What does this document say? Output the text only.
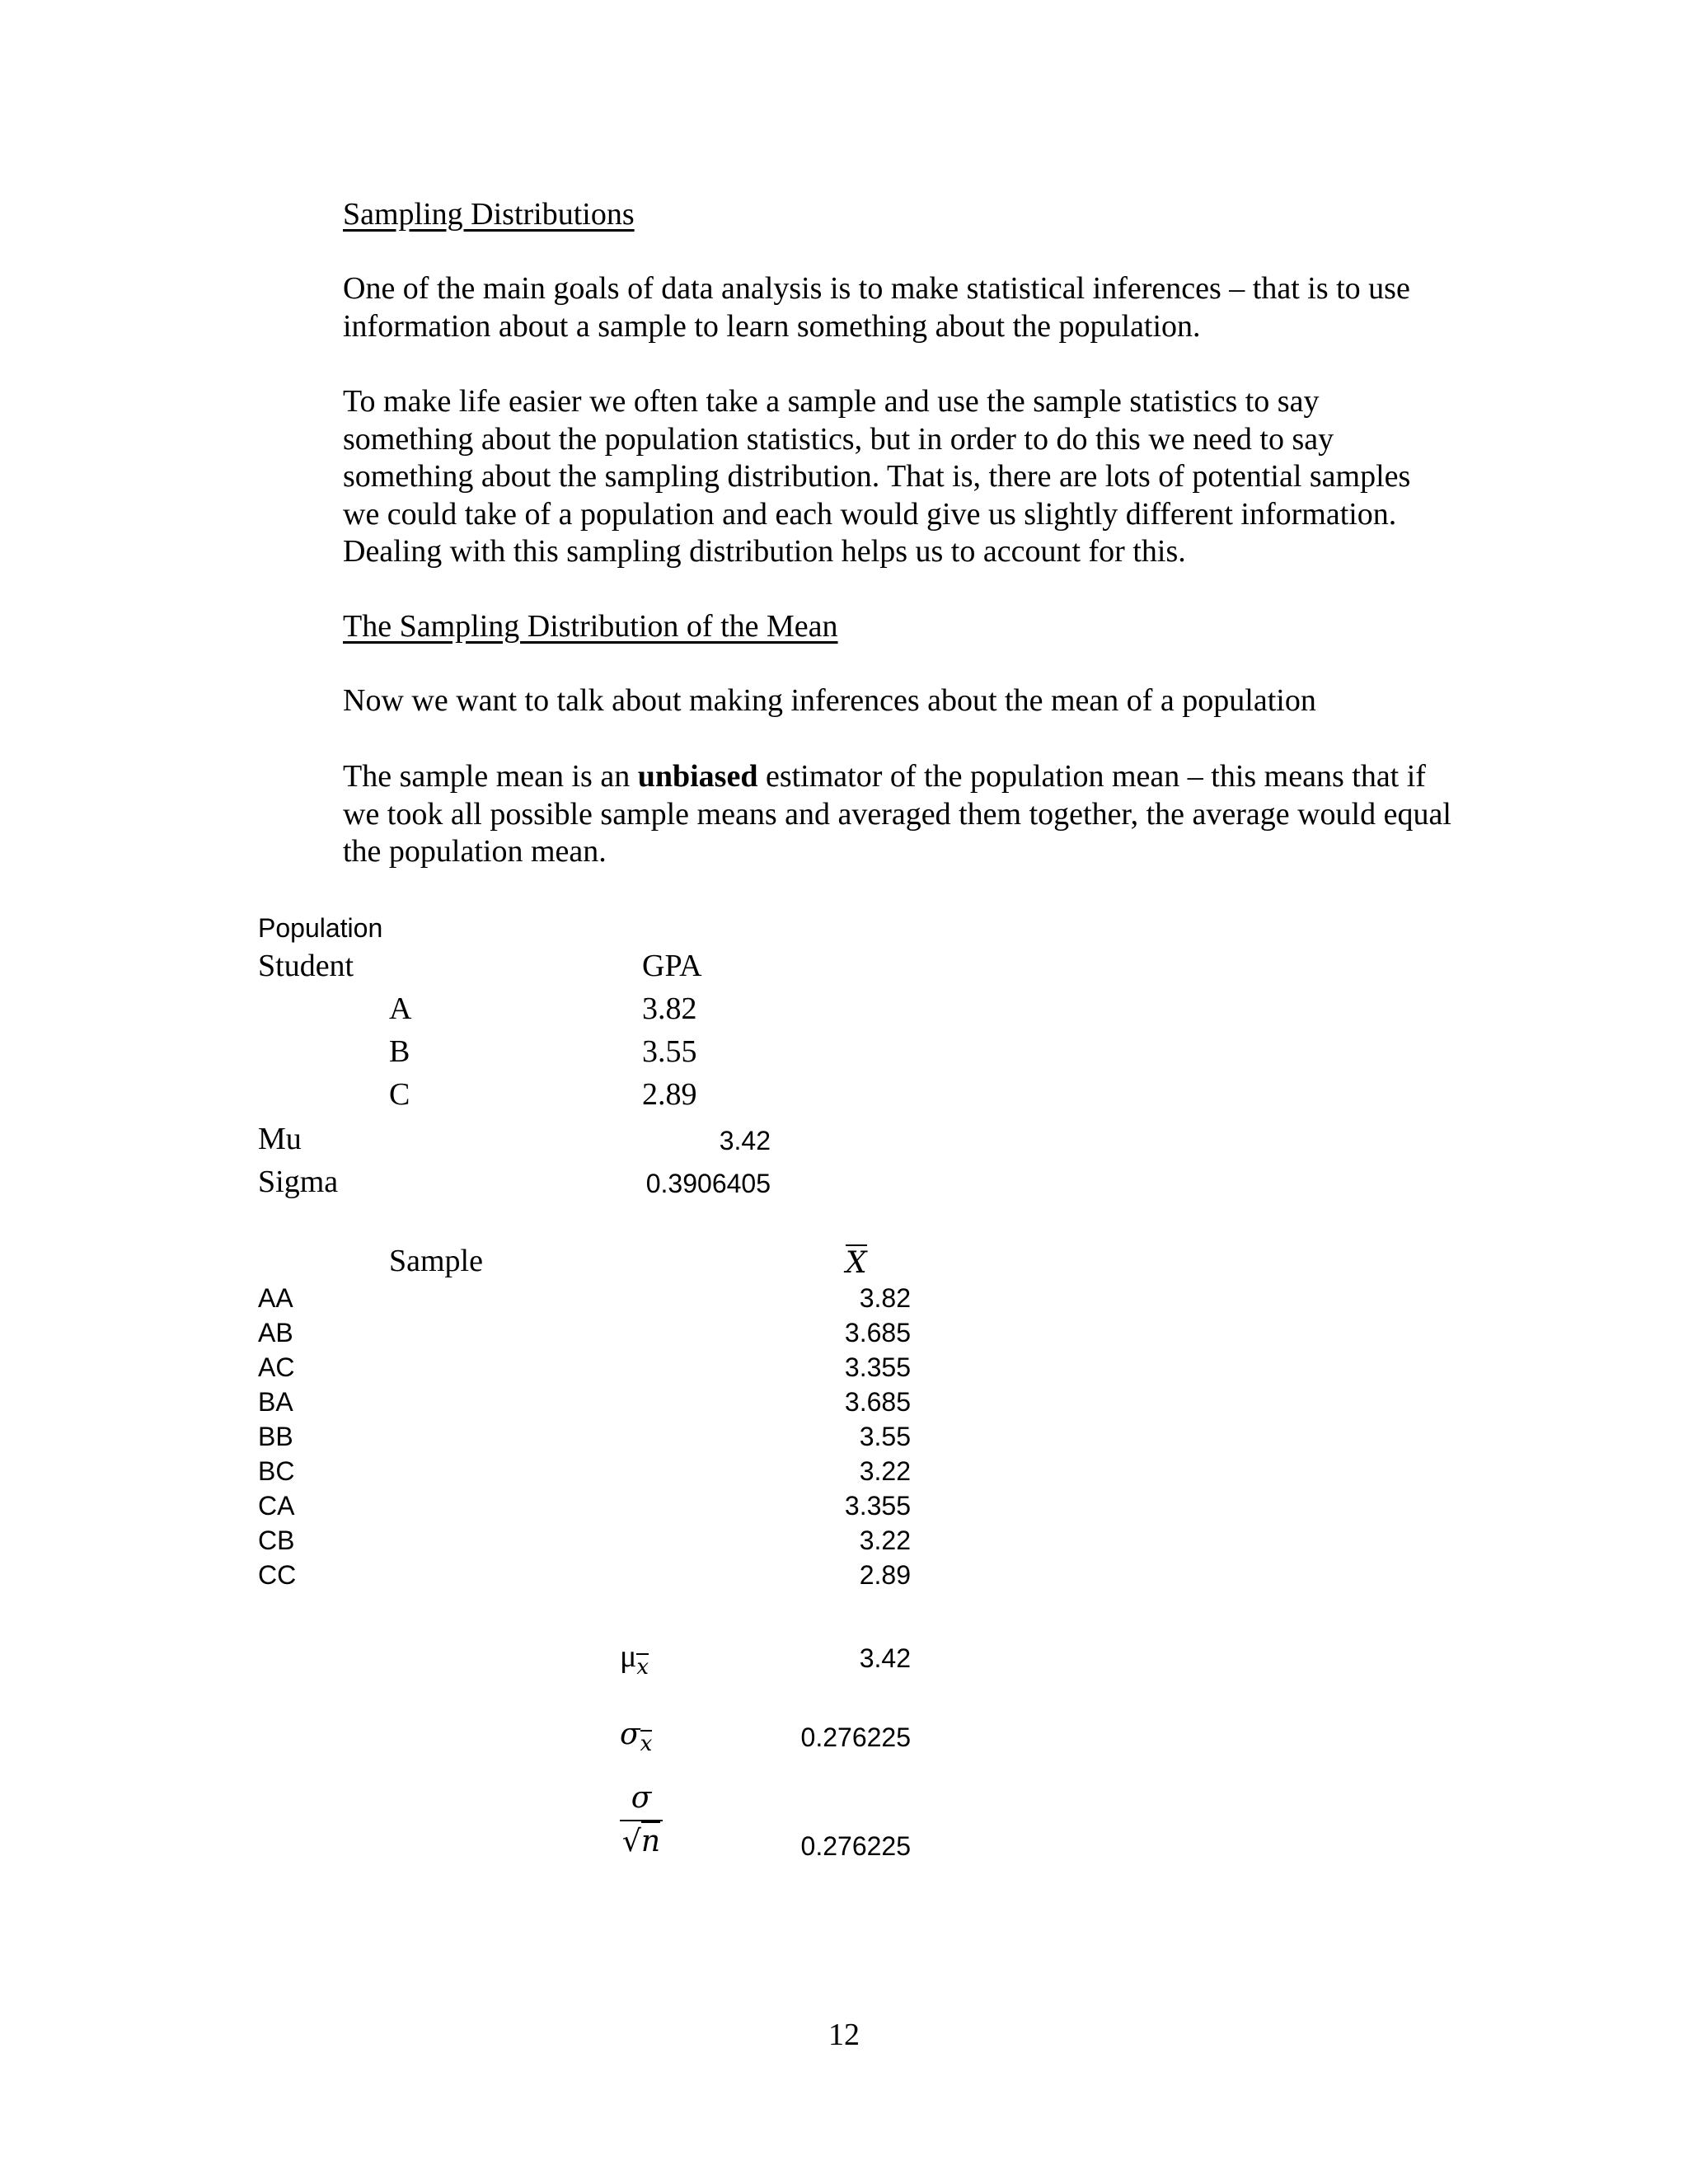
Sampling Distributions

One of the main goals of data analysis is to make statistical inferences – that is to use information about a sample to learn something about the population.

To make life easier we often take a sample and use the sample statistics to say something about the population statistics, but in order to do this we need to say something about the sampling distribution. That is, there are lots of potential samples we could take of a population and each would give us slightly different information. Dealing with this sampling distribution helps us to account for this.

The Sampling Distribution of the Mean

Now we want to talk about making inferences about the mean of a population

The sample mean is an unbiased estimator of the population mean – this means that if we took all possible sample means and averaged them together, the average would equal the population mean.

Population
Student	GPA
A	3.82
B	3.55
C	2.89
Mu	3.42
Sigma	0.3906405
Sample	X
AA	3.82
AB	3.685
AC	3.355
BA	3.685
BB	3.55
BC	3.22
CA	3.355
CB	3.22
CC	2.89
$\mu_x$	3.42
$\sigma_x$	0.276225
$\frac{\sigma}{√n}$	0.276225
12
